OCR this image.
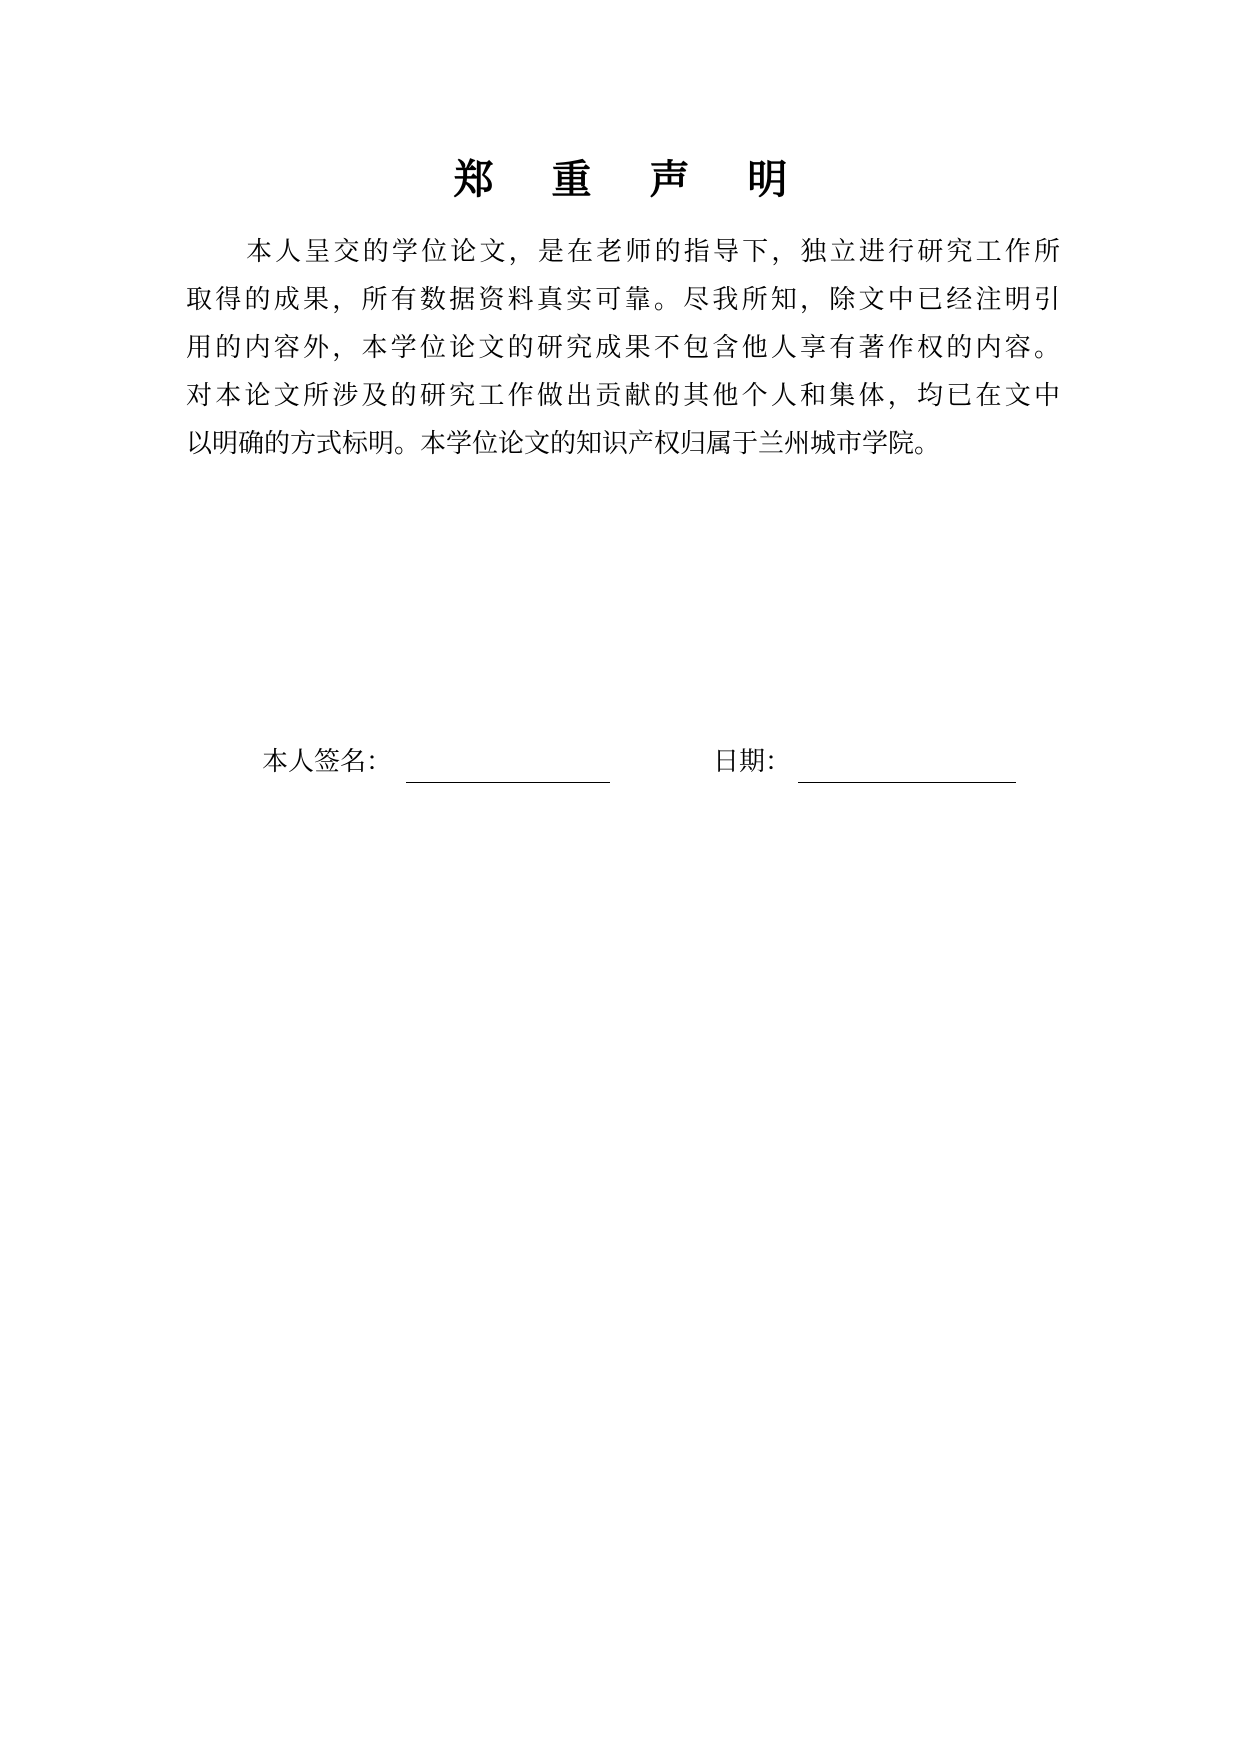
郑 重 声 明
本人呈交的学位论文，是在老师的指导下，独立进行研究工作所
取得的成果，所有数据资料真实可靠。尽我所知，除文中已经注明引
用的内容外，本学位论文的研究成果不包含他人享有著作权的内容。
对本论文所涉及的研究工作做出贡献的其他个人和集体，均已在文中
以明确的方式标明。本学位论文的知识产权归属于兰州城市学院。
本人签名：	日期：
